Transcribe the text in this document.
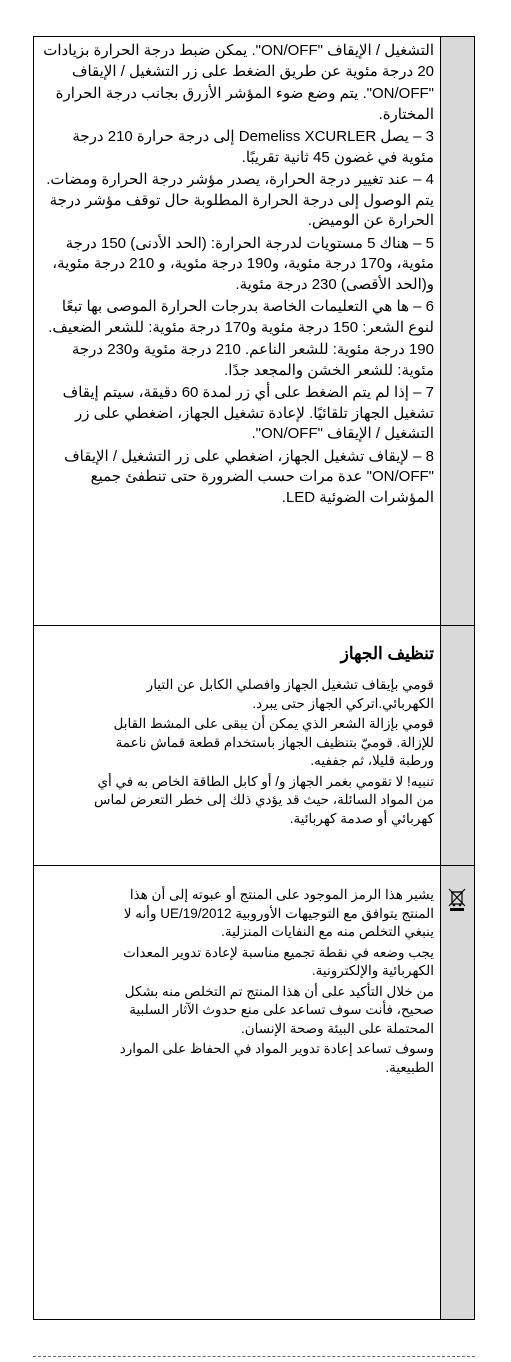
التشغيل / الإيقاف "ON/OFF". يمكن ضبط درجة الحرارة بزيادات 20 درجة مئوية عن طريق الضغط على زر التشغيل / الإيقاف

"ON/OFF". يتم وضع ضوء المؤشر الأزرق بجانب درجة الحرارة المختارة.

3 – يصل Demeliss XCURLER إلى درجة حرارة 210 درجة مئوية في غضون 45 ثانية تقريبًا.

4 – عند تغيير درجة الحرارة، يصدر مؤشر درجة الحرارة ومضات. يتم الوصول إلى درجة الحرارة المطلوبة حال توقف مؤشر درجة الحرارة عن الوميض.

5 – هناك 5 مستويات لدرجة الحرارة: (الحد الأدنى) 150 درجة مئوية، و170 درجة مئوية، و190 درجة مئوية، و 210 درجة مئوية، و(الحد الأقصى) 230 درجة مئوية.

6 – ها هي التعليمات الخاصة بدرجات الحرارة الموصى بها تبعًا لنوع الشعر: 150 درجة مئوية و170 درجة مئوية: للشعر الضعيف.

190 درجة مئوية: للشعر الناعم. 210 درجة مئوية و230 درجة مئوية: للشعر الخشن والمجعد جدًا.

7 – إذا لم يتم الضغط على أي زر لمدة 60 دقيقة، سيتم إيقاف تشغيل الجهاز تلقائيًا. لإعادة تشغيل الجهاز، اضغطي على زر التشغيل / الإيقاف "ON/OFF".

8 – لإيقاف تشغيل الجهاز، اضغطي على زر التشغيل / الإيقاف "ON/OFF" عدة مرات حسب الضرورة حتى تنطفئ جميع المؤشرات الضوئية LED.

تنظيف الجهاز

قومي بإيقاف تشغيل الجهاز وافصلي الكابل عن التيار الكهربائي.اتركي الجهاز حتى يبرد.

قومي بإزالة الشعر الذي يمكن أن يبقى على المشط القابل للإزالة. قوميّ بتنظيف الجهاز باستخدام قطعة قماش ناعمة ورطبة قليلا، ثم جففيه.

تنبيه! لا تقومي بغمر الجهاز و/ أو كابل الطاقة الخاص به في أي من المواد السائلة، حيث قد يؤدي ذلك إلى خطر التعرض لماس كهربائي أو صدمة كهربائية.

يشير هذا الرمز الموجود على المنتج أو عبوته إلى أن هذا المنتج يتوافق مع التوجيهات الأوروبية UE/19/2012 وأنه لا ينبغي التخلص منه مع النفايات المنزلية.

يجب وضعه في نقطة تجميع مناسبة لإعادة تدوير المعدات الكهربائية والإلكترونية.

من خلال التأكيد على أن هذا المنتج تم التخلص منه بشكل صحيح، فأنت سوف تساعد على منع حدوث الآثار السلبية المحتملة على البيئة وصحة الإنسان.

وسوف تساعد إعادة تدوير المواد في الحفاظ على الموارد الطبيعية.
